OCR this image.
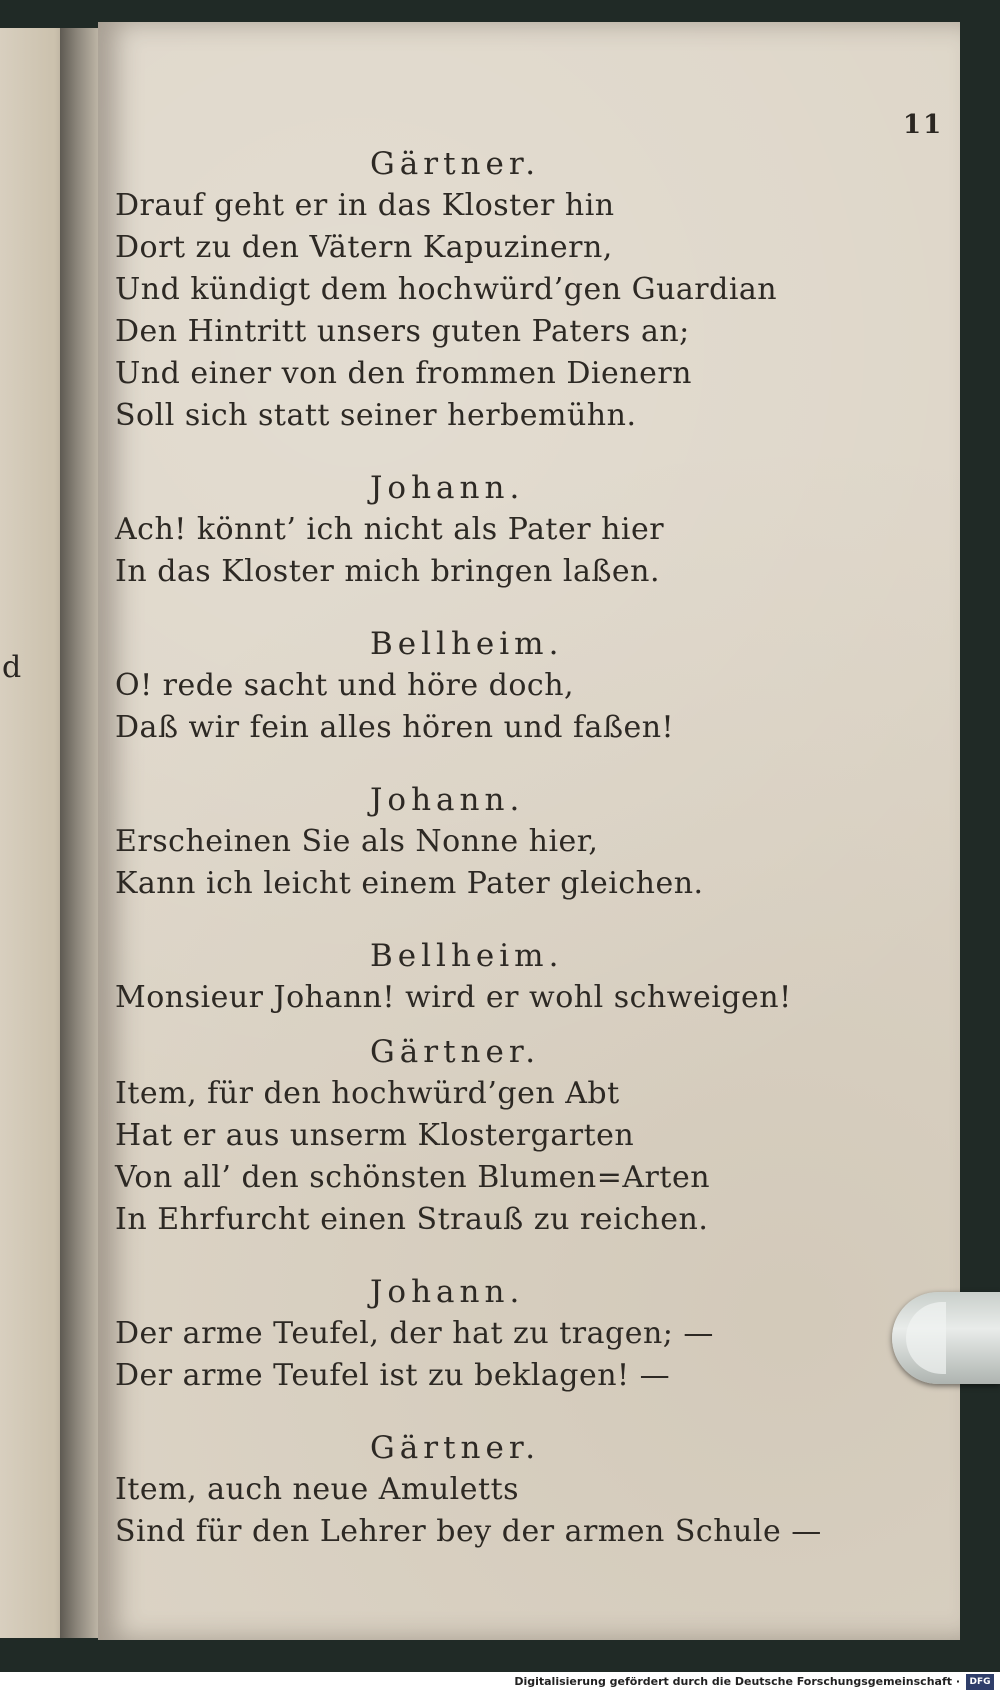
d
11
Gärtner.
Drauf geht er in das Kloster hin
Dort zu den Vätern Kapuzinern,
Und kündigt dem hochwürd’gen Guardian
Den Hintritt unsers guten Paters an;
Und einer von den frommen Dienern
Soll sich statt seiner herbemühn.
Johann.
Ach! könnt’ ich nicht als Pater hier
In das Kloster mich bringen laßen.
Bellheim.
O! rede sacht und höre doch,
Daß wir fein alles hören und faßen!
Johann.
Erscheinen Sie als Nonne hier,
Kann ich leicht einem Pater gleichen.
Bellheim.
Monsieur Johann! wird er wohl schweigen!
Gärtner.
Item, für den hochwürd’gen Abt
Hat er aus unserm Klostergarten
Von all’ den schönsten Blumen=Arten
In Ehrfurcht einen Strauß zu reichen.
Johann.
Der arme Teufel, der hat zu tragen; —
Der arme Teufel ist zu beklagen! —
Gärtner.
Item, auch neue Amuletts
Sind für den Lehrer bey der armen Schule —
Digitalisierung gefördert durch die Deutsche Forschungsgemeinschaft ·	DFG
